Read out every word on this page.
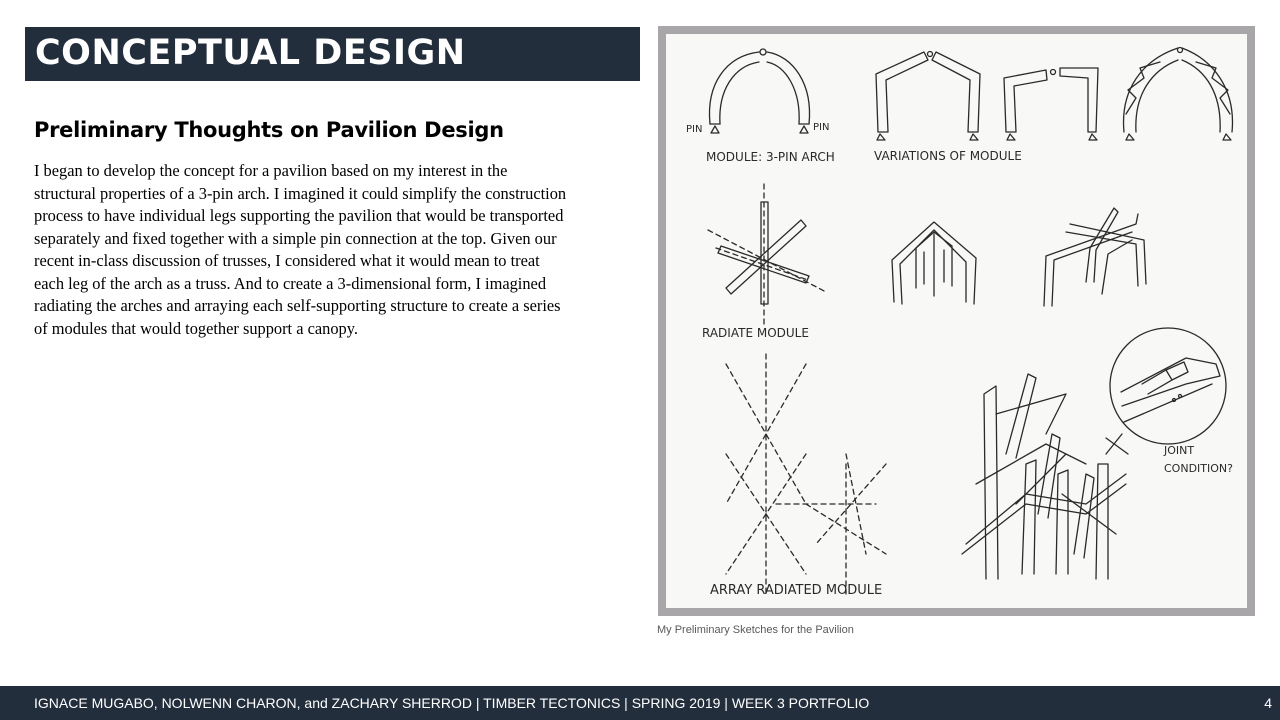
CONCEPTUAL DESIGN
Preliminary Thoughts on Pavilion Design
I began to develop the concept for a pavilion based on my interest in the
structural properties of a 3-pin arch. I imagined it could simplify the construction
process to have individual legs supporting the pavilion that would be transported
separately and fixed together with a simple pin connection at the top. Given our
recent in-class discussion of trusses, I considered what it would mean to treat
each leg of the arch as a truss. And to create a 3-dimensional form, I imagined
radiating the arches and arraying each self-supporting structure to create a series
of modules that would together support a canopy.
PIN	PIN
MODULE: 3-PIN ARCH	VARIATIONS OF MODULE
RADIATE MODULE
ARRAY RADIATED MODULE
JOINT
CONDITION?
My Preliminary Sketches for the Pavilion
IGNACE MUGABO, NOLWENN CHARON, and ZACHARY SHERROD | TIMBER TECTONICS | SPRING 2019 | WEEK 3 PORTFOLIO	4
